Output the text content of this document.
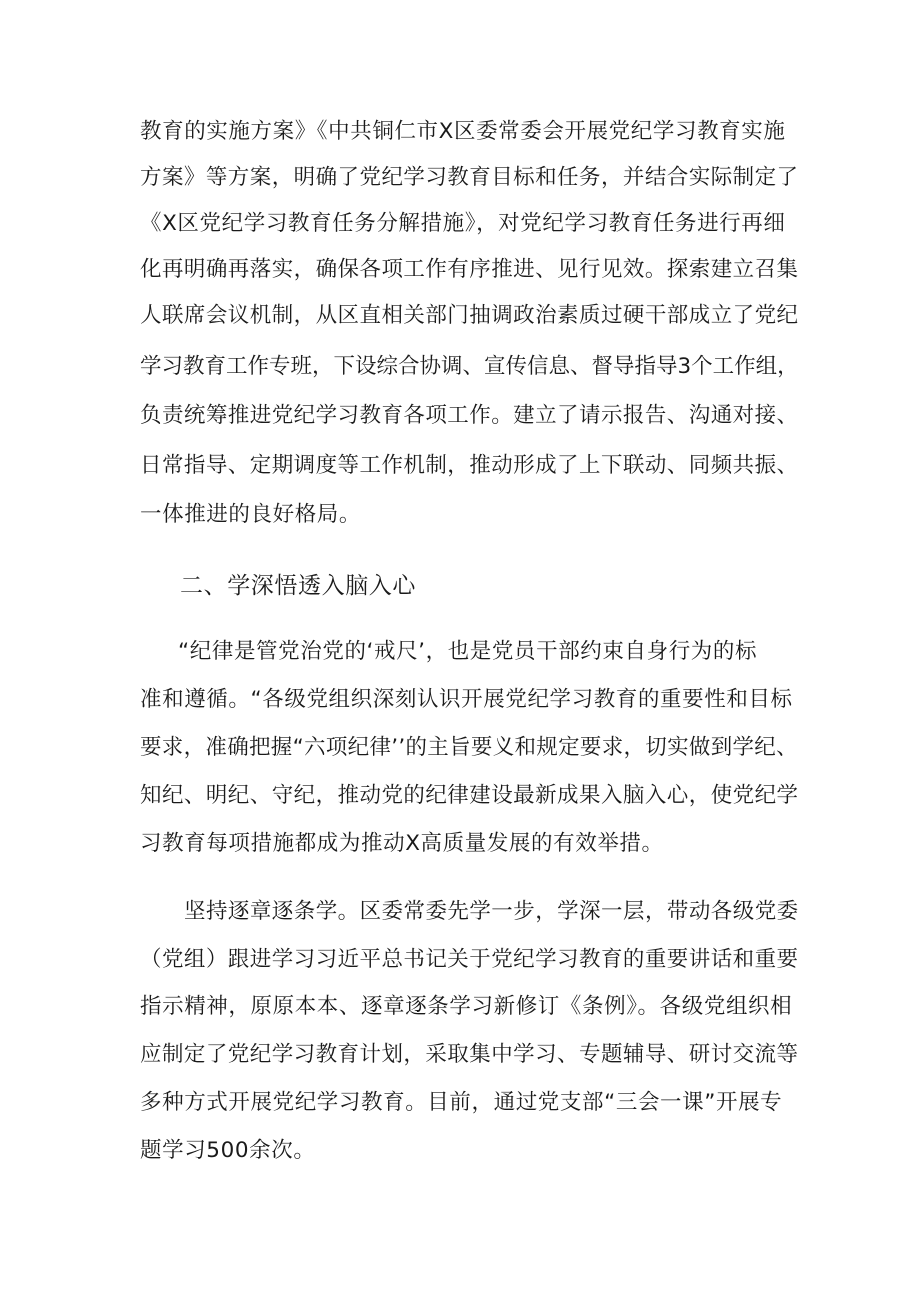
教育的实施方案》《中共铜仁市X区委常委会开展党纪学习教育实施
方案》等方案，明确了党纪学习教育目标和任务，并结合实际制定了
《X区党纪学习教育任务分解措施》，对党纪学习教育任务进行再细
化再明确再落实，确保各项工作有序推进、见行见效。探索建立召集
人联席会议机制，从区直相关部门抽调政治素质过硬干部成立了党纪
学习教育工作专班，下设综合协调、宣传信息、督导指导3个工作组，
负责统筹推进党纪学习教育各项工作。建立了请示报告、沟通对接、
日常指导、定期调度等工作机制，推动形成了上下联动、同频共振、
一体推进的良好格局。
二、学深悟透入脑入心
“纪律是管党治党的‘戒尺’，也是党员干部约束自身行为的标
准和遵循。“各级党组织深刻认识开展党纪学习教育的重要性和目标
要求，准确把握“六项纪律’’的主旨要义和规定要求，切实做到学纪、
知纪、明纪、守纪，推动党的纪律建设最新成果入脑入心，使党纪学
习教育每项措施都成为推动X高质量发展的有效举措。
坚持逐章逐条学。区委常委先学一步，学深一层，带动各级党委
（党组）跟进学习习近平总书记关于党纪学习教育的重要讲话和重要
指示精神，原原本本、逐章逐条学习新修订《条例》。各级党组织相
应制定了党纪学习教育计划，采取集中学习、专题辅导、研讨交流等
多种方式开展党纪学习教育。目前，通过党支部“三会一课”开展专
题学习500余次。
